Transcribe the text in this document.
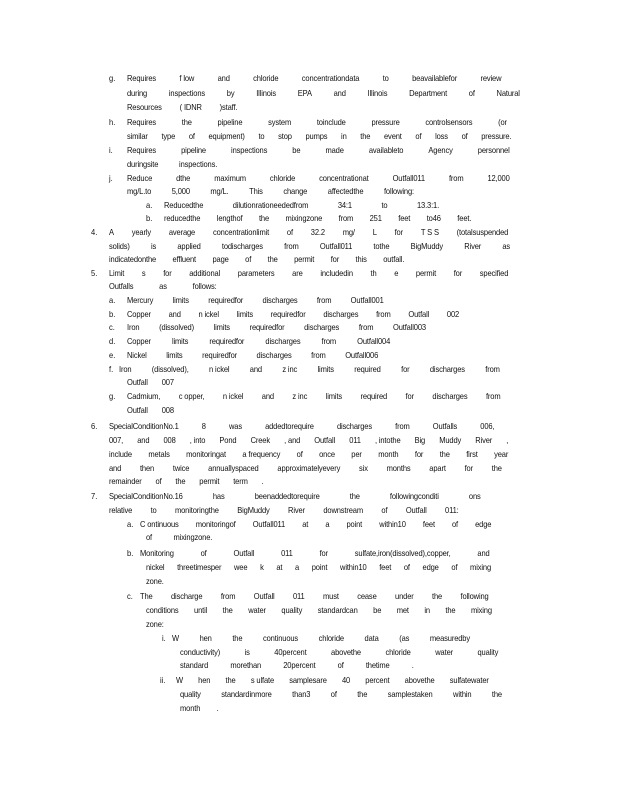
g. Requires	f low	and	chloride	concentrationdata	to	beavailablefor	review
during	inspections	by	Illinois	EPA	and	Illinois	Department	of	Natural
Resources ( IDNR )staff.
h. Requires	the	pipeline	system	toinclude	pressure	controlsensors	(or
similar type of equipment) to stop pumps in the event of loss of pressure.
i. Requires	pipeline	inspections	be	made	availableto	Agency	personnel
duringsite	inspections.
j. Reduce	dthe	maximum	chloride	concentrationat	Outfall011	from	12,000
mg/L.to	5,000	mg/L.	This	change	affectedthe	following:
a. Reducedthe	dilutionrationeededfrom	34:1	to	13.3:1.
b. reducedthe lengthof the mixingzone from 251 feet to46 feet.
4. A yearly average concentrationlimit of 32.2 mg/ L for T S S (totalsuspended
solids)	is	applied	todischarges	from	Outfall011	tothe	BigMuddy	River	as
indicatedonthe effluent page of the permit for this outfall.
5. Limit s for additional parameters are includedin th e permit for specified
Outfalls	as	follows:
a. Mercury limits requiredfor discharges from Outfall001
b. Copper and n ickel limits requiredfor discharges from Outfall 002
c. Iron (dissolved) limits requiredfor discharges from Outfall003
d. Copper	limits	requiredfor	discharges	from	Outfall004
e. Nickel limits requiredfor discharges from Outfall006
f. Iron (dissolved), n ickel and z inc limits required for discharges from
Outfall 007
g. Cadmium, c opper, n ickel and z inc limits required for discharges from
Outfall 008
6. SpecialConditionNo.1	8	was	addedtorequire	discharges	from	Outfalls	006,
007, and 008 , into Pond Creek , and Outfall 011 , intothe Big Muddy River ,
include metals monitoringat a frequency of once per month for the first year
and then twice annuallyspaced approximatelyevery six months apart for the
remainder of the permit term .
7. SpecialConditionNo.16	has	beenaddedtorequire	the	followingconditi	ons
relative to monitoringthe BigMuddy River downstream of Outfall 011:
a. C ontinuous monitoringof Outfall011 at a point within10 feet of edge
of	mixingzone.
b. Monitoring	of	Outfall	011	for	sulfate,iron(dissolved),copper,	and
nickel threetimesper wee k at a point within10 feet of edge of mixing
zone.
c. The discharge from Outfall 011 must cease under the following
conditions until the water quality standardcan be met in the mixing
zone:
i. W	hen	the	continuous	chloride	data	(as	measuredby
conductivity)	is	40percent	abovethe	chloride	water	quality
standard	morethan	20percent	of	thetime	.
ii. W hen the s ulfate samplesare 40 percent abovethe sulfatewater
quality standardinmore than3 of the samplestaken within the
month .
